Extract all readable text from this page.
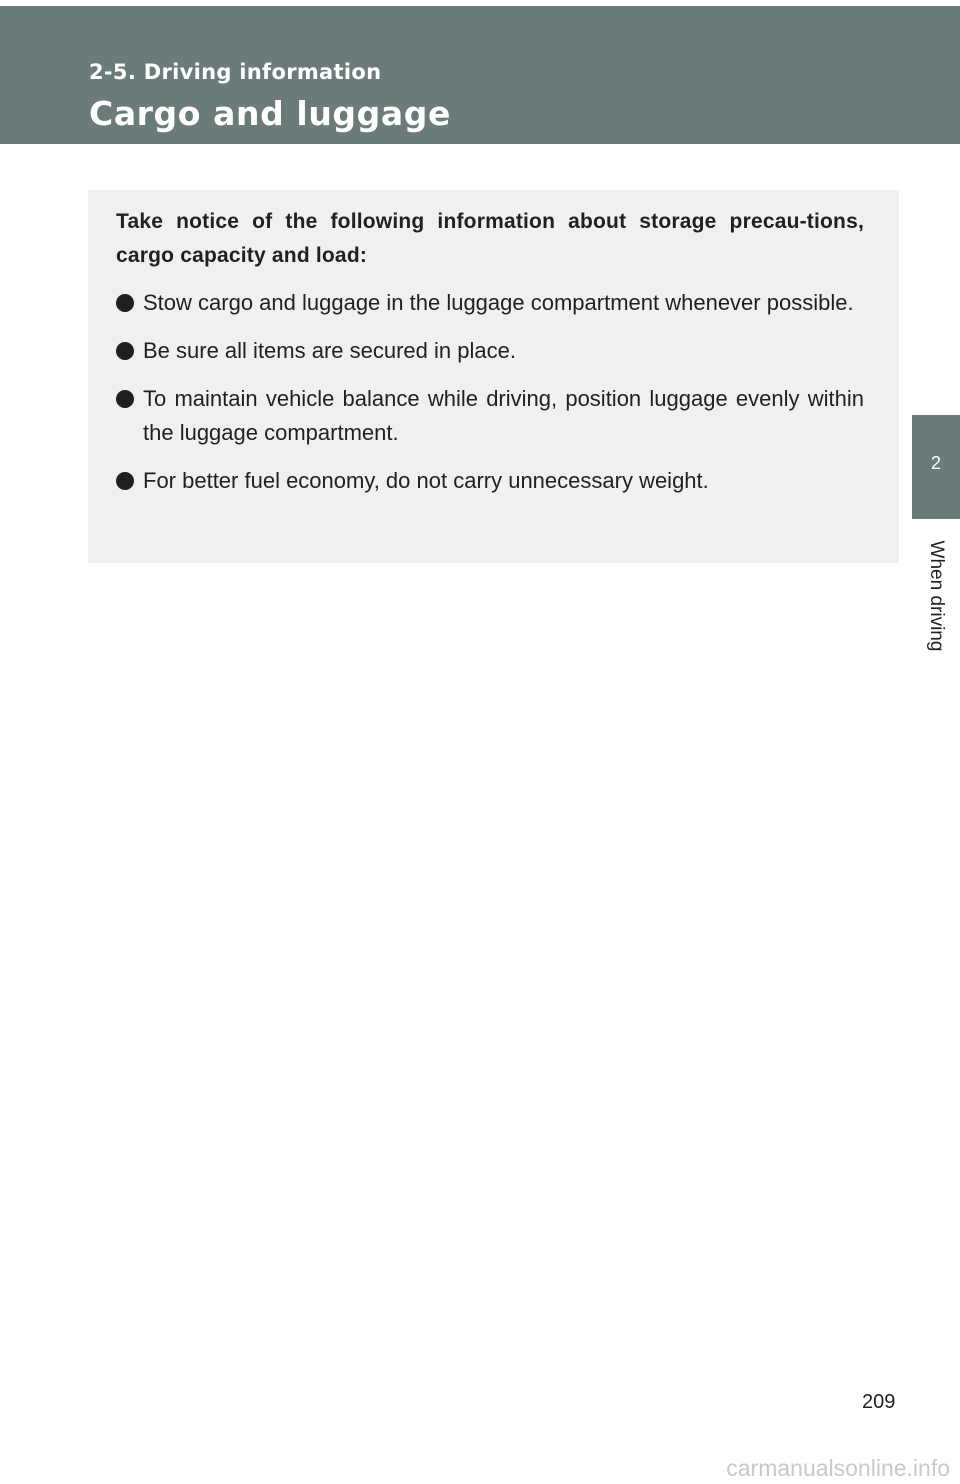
2-5. Driving information
Cargo and luggage
2
When driving

Take notice of the following information about storage precau-tions, cargo capacity and load:

Stow cargo and luggage in the luggage compartment whenever possible.
Be sure all items are secured in place.
To maintain vehicle balance while driving, position luggage evenly within the luggage compartment.
For better fuel economy, do not carry unnecessary weight.
209
carmanualsonline.info
